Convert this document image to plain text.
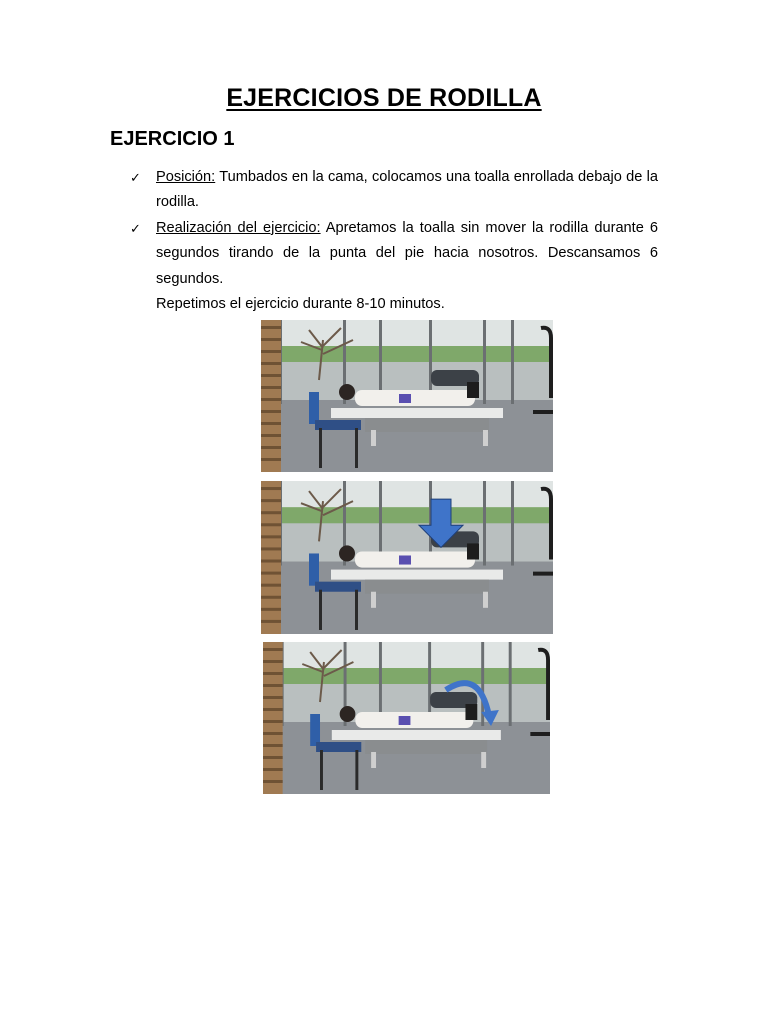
EJERCICIOS DE RODILLA
EJERCICIO 1
✓	Posición: Tumbados en la cama, colocamos una toalla enrollada debajo de la rodilla.
✓	Realización del ejercicio: Apretamos la toalla sin mover la rodilla durante 6 segundos tirando de la punta del pie hacia nosotros. Descansamos 6 segundos.
Repetimos el ejercicio durante 8-10 minutos.
